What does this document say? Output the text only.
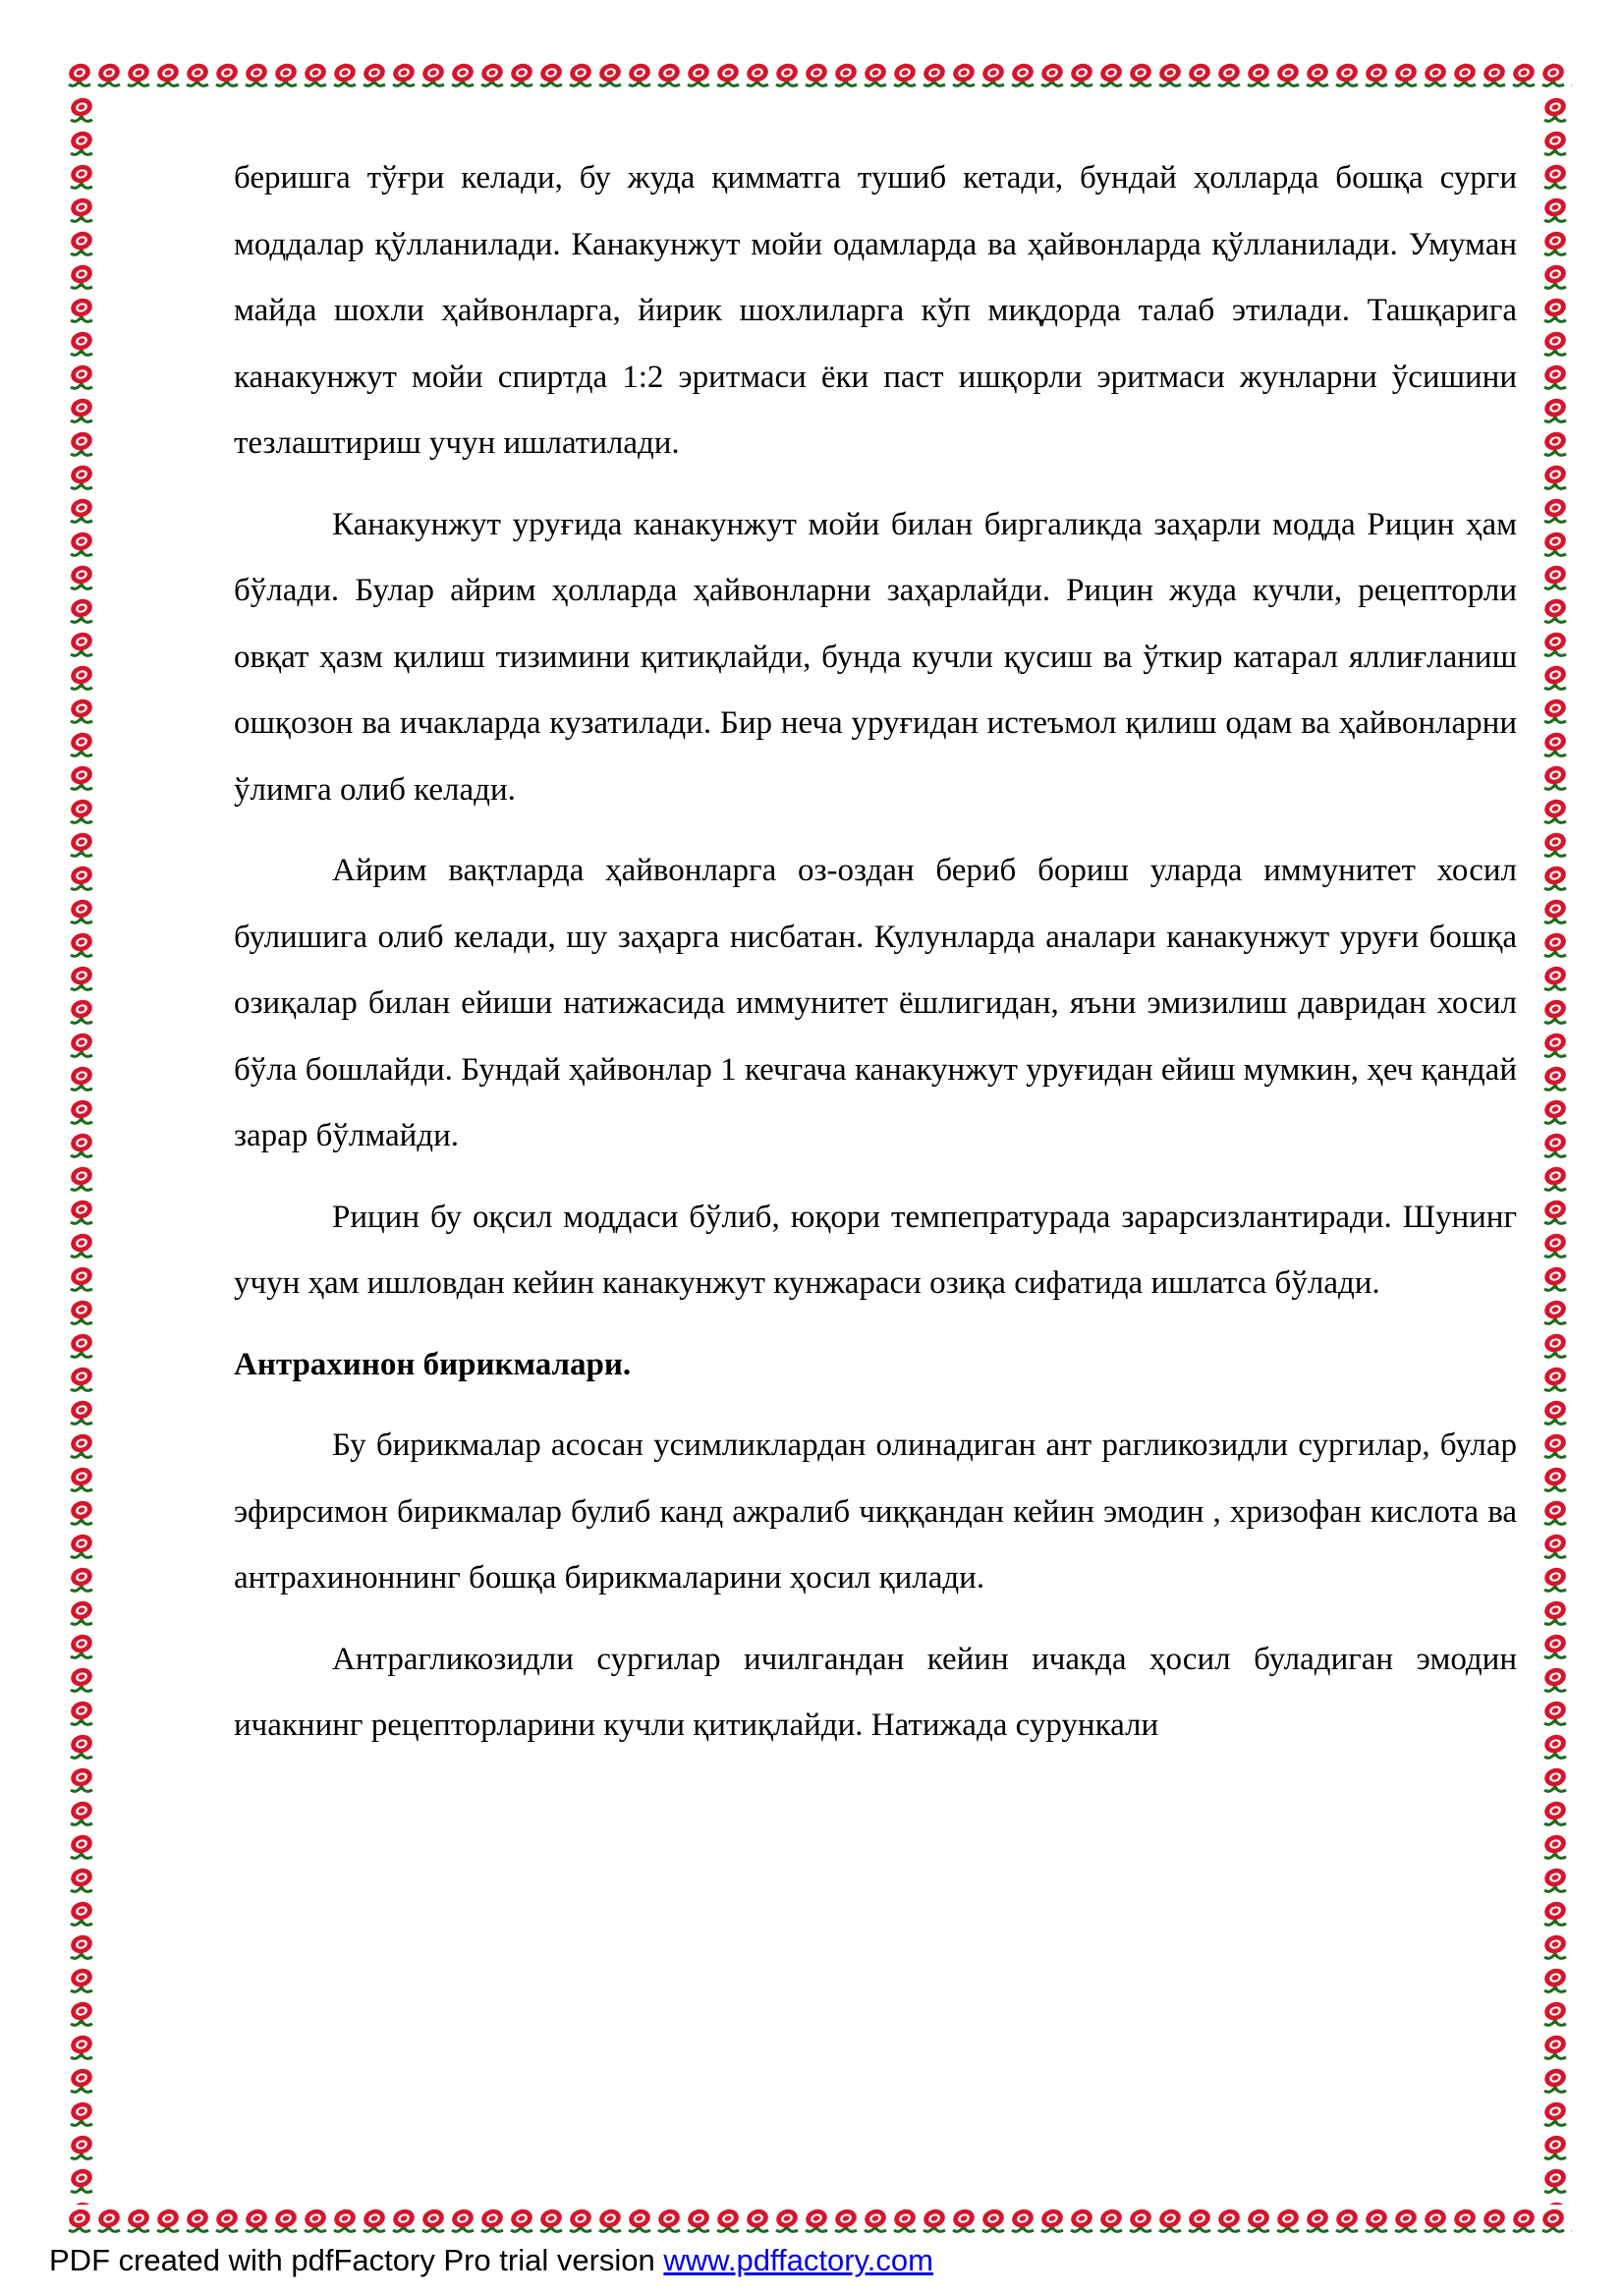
беришга тўғри келади, бу жуда қимматга тушиб кетади, бундай ҳолларда бошқа сурги моддалар қўлланилади. Канакунжут мойи одамларда ва ҳайвонларда қўлланилади. Умуман майда шохли ҳайвонларга, йирик шохлиларга кўп миқдорда талаб этилади. Ташқарига канакунжут мойи спиртда 1:2 эритмаси ёки паст ишқорли эритмаси жунларни ўсишини тезлаштириш учун ишлатилади.

Канакунжут уруғида канакунжут мойи билан биргаликда заҳарли модда Рицин ҳам бўлади. Булар айрим ҳолларда ҳайвонларни заҳарлайди. Рицин жуда кучли, рецепторли овқат ҳазм қилиш тизимини қитиқлайди, бунда кучли қусиш ва ўткир катарал яллиғланиш ошқозон ва ичакларда кузатилади. Бир неча уруғидан истеъмол қилиш одам ва ҳайвонларни ўлимга олиб келади.

Айрим вақтларда ҳайвонларга оз-оздан бериб бориш уларда иммунитет хосил булишига олиб келади, шу заҳарга нисбатан. Кулунларда аналари канакунжут уруғи бошқа озиқалар билан ейиши натижасида иммунитет ёшлигидан, яъни эмизилиш давридан хосил бўла бошлайди. Бундай ҳайвонлар 1 кечгача канакунжут уруғидан ейиш мумкин, ҳеч қандай зарар бўлмайди.

Рицин бу оқсил моддаси бўлиб, юқори темпепратурада зарарсизлантиради. Шунинг учун ҳам ишловдан кейин канакунжут кунжараси озиқа сифатида ишлатса бўлади.

Антрахинон бирикмалари.

Бу бирикмалар асосан усимликлардан олинадиган ант рагликозидли сургилар, булар эфирсимон бирикмалар булиб канд ажралиб чиққандан кейин эмодин , хризофан кислота ва антрахиноннинг бошқа бирикмаларини ҳосил қилади.

Антрагликозидли сургилар ичилгандан кейин ичакда ҳосил буладиган эмодин ичакнинг рецепторларини кучли қитиқлайди. Натижада сурункали

PDF created with pdfFactory Pro trial version www.pdffactory.com
